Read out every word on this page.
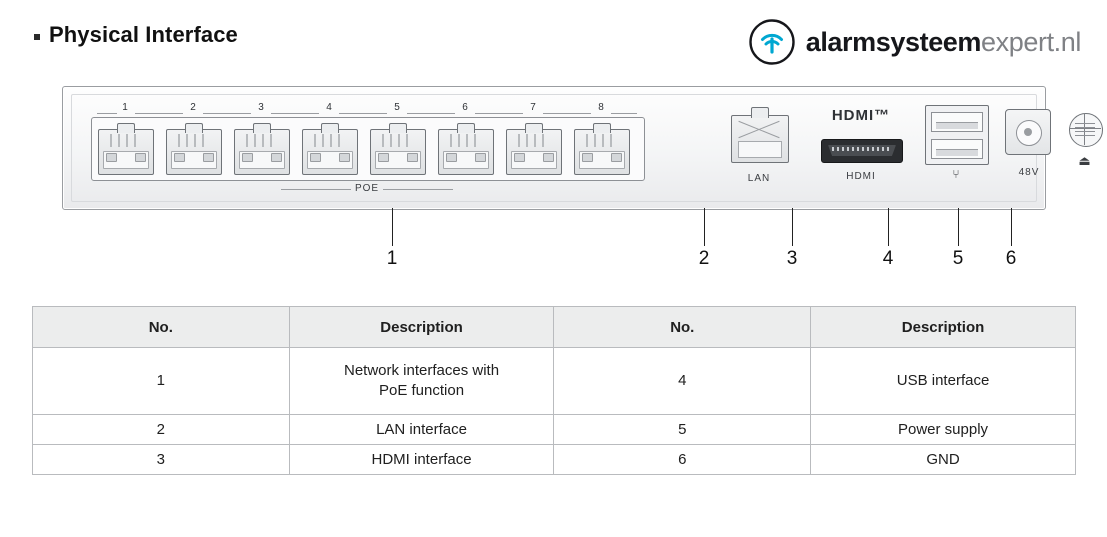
Physical Interface	alarmsysteemexpert.nl
1	2	3	4	5	6	7	8
POE
LAN
HDMI™
HDMI	⑂	48V
⏏
1	2	3	4	5 6
No.	Description	No.	Description
1	Network interfaces with
PoE function	4	USB interface
2	LAN interface	5	Power supply
3	HDMI interface	6	GND
